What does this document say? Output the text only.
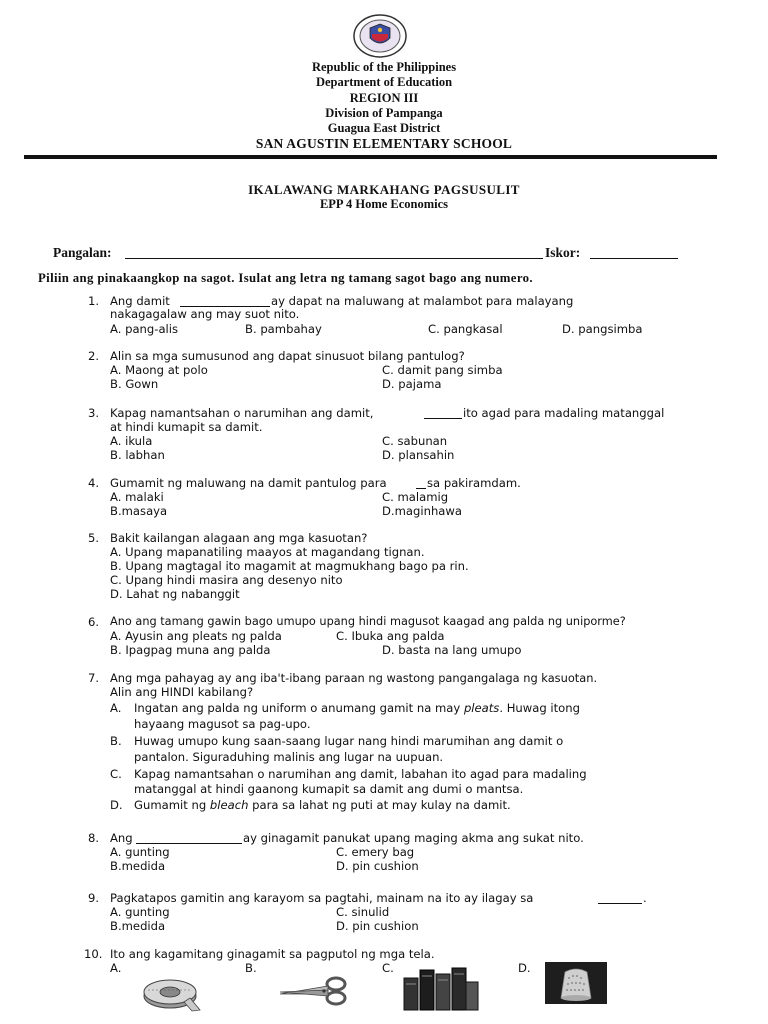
Republic of the Philippines
Department of Education
REGION III
Division of Pampanga
Guagua East District
SAN AGUSTIN ELEMENTARY SCHOOL
IKALAWANG MARKAHANG PAGSUSULIT
EPP 4 Home Economics
Pangalan:	Iskor:
Piliin ang pinakaangkop na sagot. Isulat ang letra ng tamang sagot bago ang numero.
1. Ang damit	ay dapat na maluwang at malambot para malayang
nakagagalaw ang may suot nito.
A. pang-alis	B. pambahay	C. pangkasal	D. pangsimba
2. Alin sa mga sumusunod ang dapat sinusuot bilang pantulog?
A. Maong at polo	C. damit pang simba
B. Gown	D. pajama
3. Kapag namantsahan o narumihan ang damit,	ito agad para madaling matanggal
at hindi kumapit sa damit.
A. ikula	C. sabunan
B. labhan	D. plansahin
4. Gumamit ng maluwang na damit pantulog para	sa pakiramdam.
A. malaki	C. malamig
B.masaya	D.maginhawa
5. Bakit kailangan alagaan ang mga kasuotan?
A. Upang mapanatiling maayos at magandang tignan.
B. Upang magtagal ito magamit at magmukhang bago pa rin.
C. Upang hindi masira ang desenyo nito
D. Lahat ng nabanggit
6. Ano ang tamang gawin bago umupo upang hindi magusot kaagad ang palda ng uniporme?
A. Ayusin ang pleats ng palda	C. Ibuka ang palda
B. Ipagpag muna ang palda	D. basta na lang umupo
7. Ang mga pahayag ay ang iba't-ibang paraan ng wastong pangangalaga ng kasuotan.
Alin ang HINDI kabilang?
A. Ingatan ang palda ng uniform o anumang gamit na may pleats. Huwag itong
hayaang magusot sa pag-upo.
B. Huwag umupo kung saan-saang lugar nang hindi marumihan ang damit o
pantalon. Siguraduhing malinis ang lugar na uupuan.
C. Kapag namantsahan o narumihan ang damit, labahan ito agad para madaling
matanggal at hindi gaanong kumapit sa damit ang dumi o mantsa.
D. Gumamit ng bleach para sa lahat ng puti at may kulay na damit.
8. Ang	ay ginagamit panukat upang maging akma ang sukat nito.
A. gunting	C. emery bag
B.medida	D. pin cushion
9. Pagkatapos gamitin ang karayom sa pagtahi, mainam na ito ay ilagay sa	.
A. gunting	C. sinulid
B.medida	D. pin cushion
10. Ito ang kagamitang ginagamit sa pagputol ng mga tela.
A.	B.	C.	D.
